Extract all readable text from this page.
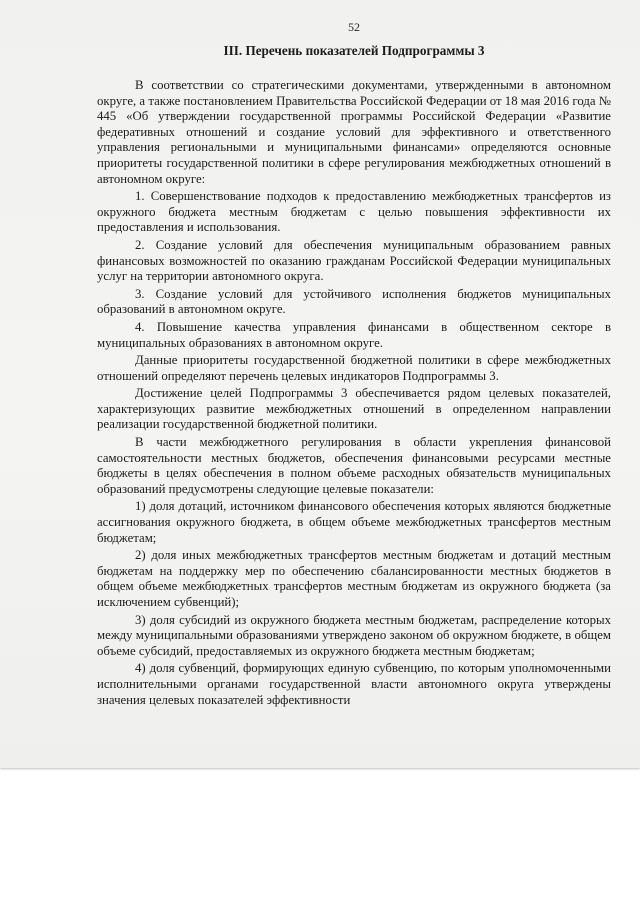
52
III. Перечень показателей Подпрограммы 3

В соответствии со стратегическими документами, утвержденными в автономном округе, а также постановлением Правительства Российской Федерации от 18 мая 2016 года № 445 «Об утверждении государственной программы Российской Федерации «Развитие федеративных отношений и создание условий для эффективного и ответственного управления региональными и муниципальными финансами» определяются основные приоритеты государственной политики в сфере регулирования межбюджетных отношений в автономном округе:

1. Совершенствование подходов к предоставлению межбюджетных трансфертов из окружного бюджета местным бюджетам с целью повышения эффективности их предоставления и использования.

2. Создание условий для обеспечения муниципальным образованием равных финансовых возможностей по оказанию гражданам Российской Федерации муниципальных услуг на территории автономного округа.

3. Создание условий для устойчивого исполнения бюджетов муниципальных образований в автономном округе.

4. Повышение качества управления финансами в общественном секторе в муниципальных образованиях в автономном округе.

Данные приоритеты государственной бюджетной политики в сфере межбюджетных отношений определяют перечень целевых индикаторов Подпрограммы 3.

Достижение целей Подпрограммы 3 обеспечивается рядом целевых показателей, характеризующих развитие межбюджетных отношений в определенном направлении реализации государственной бюджетной политики.

В части межбюджетного регулирования в области укрепления финансовой самостоятельности местных бюджетов, обеспечения финансовыми ресурсами местные бюджеты в целях обеспечения в полном объеме расходных обязательств муниципальных образований предусмотрены следующие целевые показатели:

1) доля дотаций, источником финансового обеспечения которых являются бюджетные ассигнования окружного бюджета, в общем объеме межбюджетных трансфертов местным бюджетам;

2) доля иных межбюджетных трансфертов местным бюджетам и дотаций местным бюджетам на поддержку мер по обеспечению сбалансированности местных бюджетов в общем объеме межбюджетных трансфертов местным бюджетам из окружного бюджета (за исключением субвенций);

3) доля субсидий из окружного бюджета местным бюджетам, распределение которых между муниципальными образованиями утверждено законом об окружном бюджете, в общем объеме субсидий, предоставляемых из окружного бюджета местным бюджетам;

4) доля субвенций, формирующих единую субвенцию, по которым уполномоченными исполнительными органами государственной власти автономного округа утверждены значения целевых показателей эффективности
